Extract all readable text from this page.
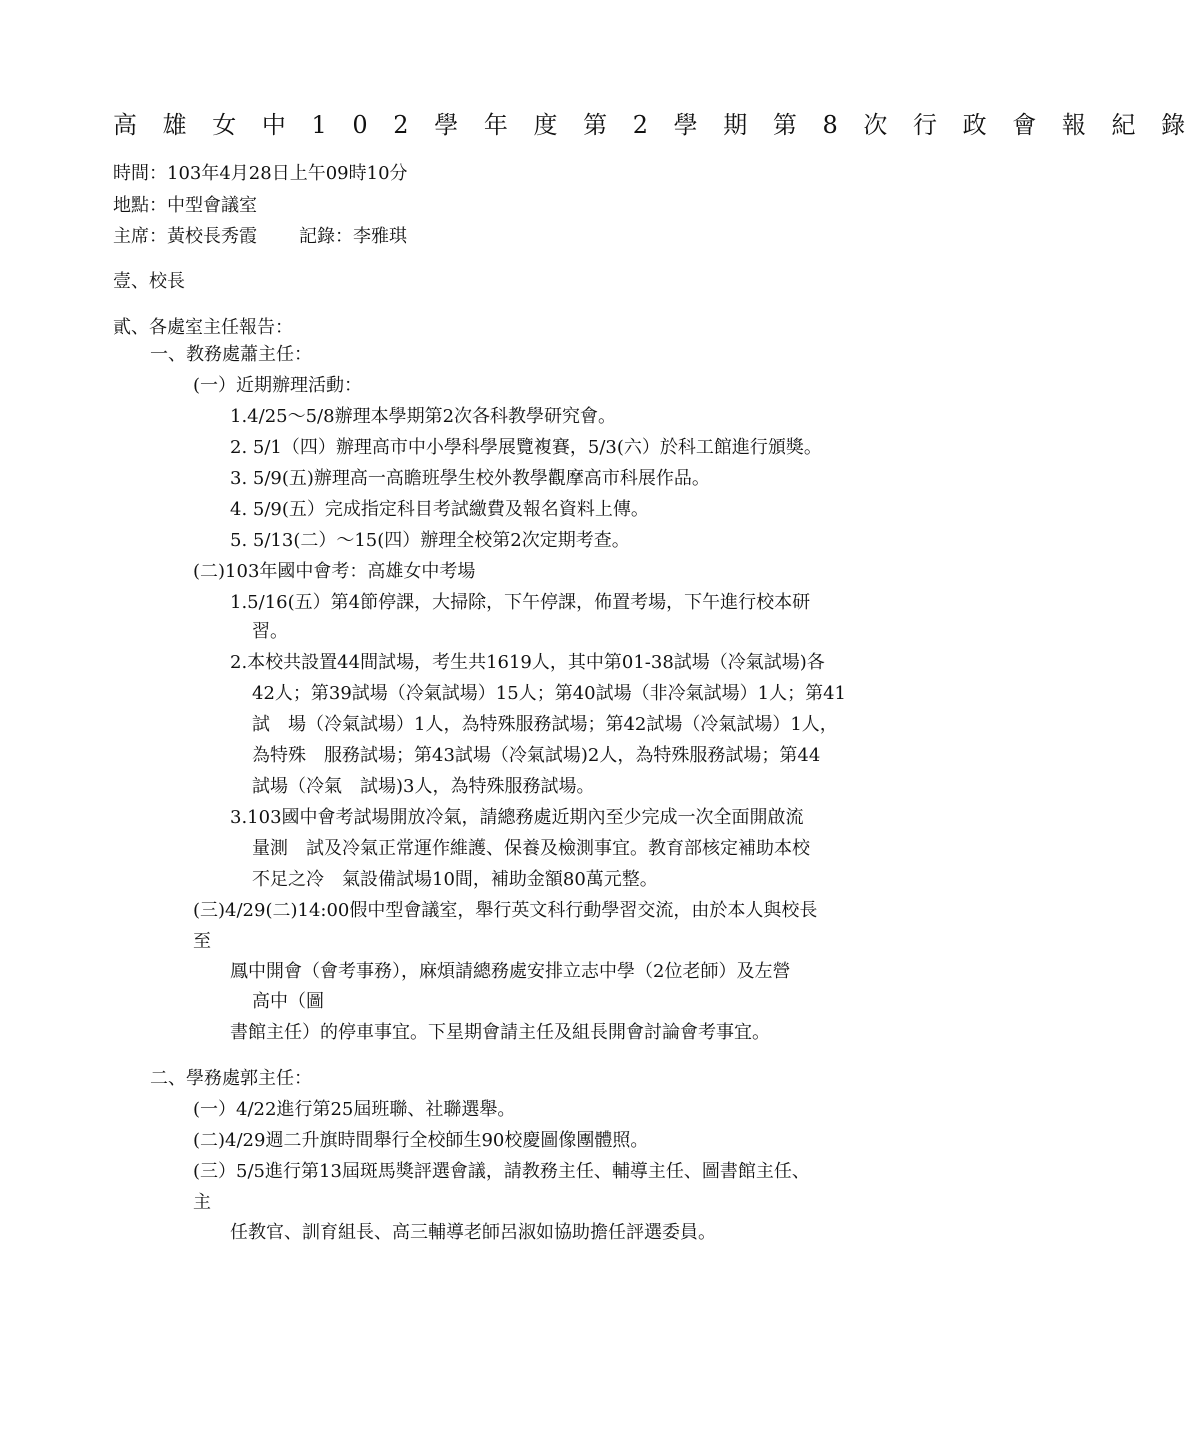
高 雄 女 中 1 0 2 學 年 度 第 2 學 期 第 8 次 行 政 會 報 紀 錄
時間：103年4月28日上午09時10分
地點：中型會議室
主席：黃校長秀霞 記錄：李雅琪
壹、校長
貳、各處室主任報告：
一、教務處蕭主任：
(一）近期辦理活動：
1.4/25～5/8辦理本學期第2次各科教學研究會。
2. 5/1（四）辦理高市中小學科學展覽複賽，5/3(六）於科工館進行頒獎。
3. 5/9(五)辦理高一高瞻班學生校外教學觀摩高市科展作品。
4. 5/9(五）完成指定科目考試繳費及報名資料上傳。
5. 5/13(二）～15(四）辦理全校第2次定期考查。
(二)103年國中會考：高雄女中考場
1.5/16(五）第4節停課，大掃除，下午停課，佈置考場，下午進行校本研
習。
2.本校共設置44間試場，考生共1619人，其中第01-38試場（冷氣試場)各
42人；第39試場（冷氣試場）15人；第40試場（非冷氣試場）1人；第41
試　場（冷氣試場）1人，為特殊服務試場；第42試場（冷氣試場）1人，
為特殊　服務試場；第43試場（冷氣試場)2人，為特殊服務試場；第44
試場（冷氣　試場)3人，為特殊服務試場。
3.103國中會考試場開放冷氣，請總務處近期內至少完成一次全面開啟流
量測　試及冷氣正常運作維護、保養及檢測事宜。教育部核定補助本校
不足之冷　氣設備試場10間，補助金額80萬元整。
(三)4/29(二)14:00假中型會議室，舉行英文科行動學習交流，由於本人與校長
至
鳳中開會（會考事務），麻煩請總務處安排立志中學（2位老師）及左營
高中（圖
書館主任）的停車事宜。下星期會請主任及組長開會討論會考事宜。
二、學務處郭主任：
(一）4/22進行第25屆班聯、社聯選舉。
(二)4/29週二升旗時間舉行全校師生90校慶圖像團體照。
(三）5/5進行第13屆斑馬獎評選會議，請教務主任、輔導主任、圖書館主任、
主
任教官、訓育組長、高三輔導老師呂淑如協助擔任評選委員。
